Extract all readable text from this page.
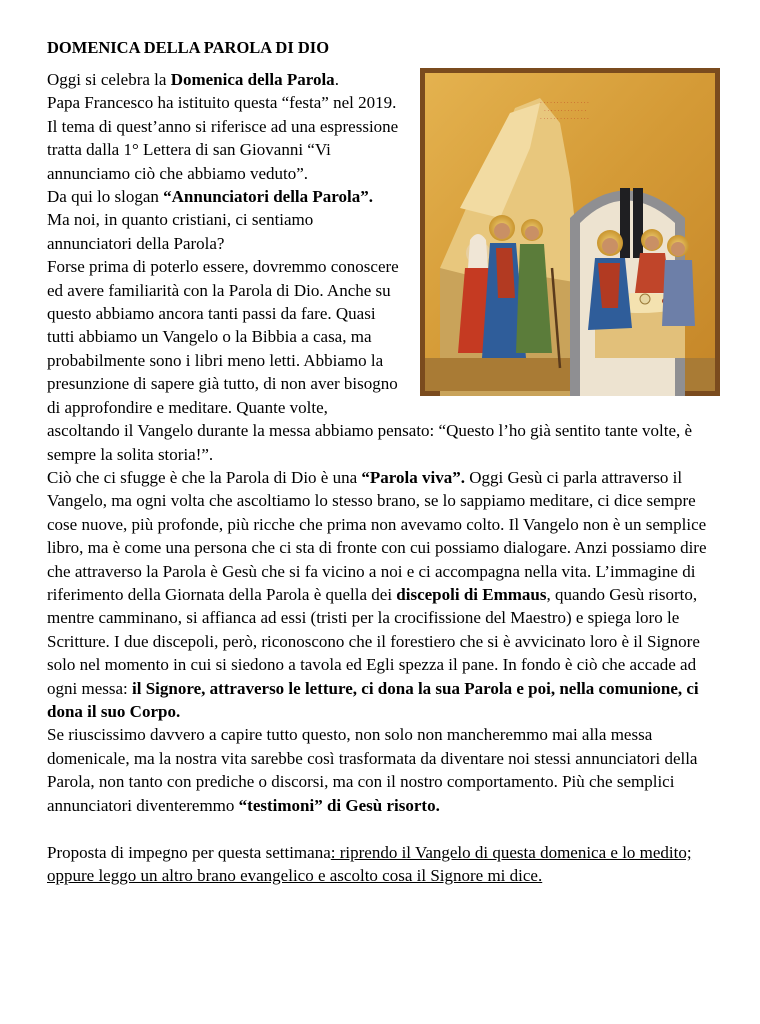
DOMENICA DELLA PAROLA DI DIO
· · · · · · · · · · · · · · ·
· · · · · · · · · · · · ·
· · · · · · · · · · · · · · ·

Oggi si celebra la Domenica della Parola.

Papa Francesco ha istituito questa “festa” nel 2019.

Il tema di quest’anno si riferisce ad una espressione tratta dalla 1° Lettera di san Giovanni “Vi annunciamo ciò che abbiamo veduto”.

Da qui lo slogan “Annunciatori della Parola”.

Ma noi, in quanto cristiani, ci sentiamo annunciatori della Parola?

Forse prima di poterlo essere, dovremmo conoscere ed avere familiarità con la Parola di Dio. Anche su questo abbiamo ancora tanti passi da fare. Quasi tutti abbiamo un Vangelo o la Bibbia a casa, ma probabilmente sono i libri meno letti. Abbiamo la presunzione di sapere già tutto, di non aver bisogno di approfondire e meditare. Quante volte, ascoltando il Vangelo durante la messa abbiamo pensato: “Questo l’ho già sentito tante volte, è sempre la solita storia!”.

Ciò che ci sfugge è che la Parola di Dio è una “Parola viva”. Oggi Gesù ci parla attraverso il Vangelo, ma ogni volta che ascoltiamo lo stesso brano, se lo sappiamo meditare, ci dice sempre cose nuove, più profonde, più ricche che prima non avevamo colto. Il Vangelo non è un semplice libro, ma è come una persona che ci sta di fronte con cui possiamo dialogare. Anzi possiamo dire che attraverso la Parola è Gesù che si fa vicino a noi e ci accompagna nella vita. L’immagine di riferimento della Giornata della Parola è quella dei discepoli di Emmaus, quando Gesù risorto, mentre camminano, si affianca ad essi (tristi per la crocifissione del Maestro) e spiega loro le Scritture. I due discepoli, però, riconoscono che il forestiero che si è avvicinato loro è il Signore solo nel momento in cui si siedono a tavola ed Egli spezza il pane. In fondo è ciò che accade ad ogni messa: il Signore, attraverso le letture, ci dona la sua Parola e poi, nella comunione, ci dona il suo Corpo.

Se riuscissimo davvero a capire tutto questo, non solo non mancheremmo mai alla messa domenicale, ma la nostra vita sarebbe così trasformata da diventare noi stessi annunciatori della Parola, non tanto con prediche o discorsi, ma con il nostro comportamento. Più che semplici annunciatori diventeremmo “testimoni” di Gesù risorto.

Proposta di impegno per questa settimana: riprendo il Vangelo di questa domenica e lo medito; oppure leggo un altro brano evangelico e ascolto cosa il Signore mi dice.
